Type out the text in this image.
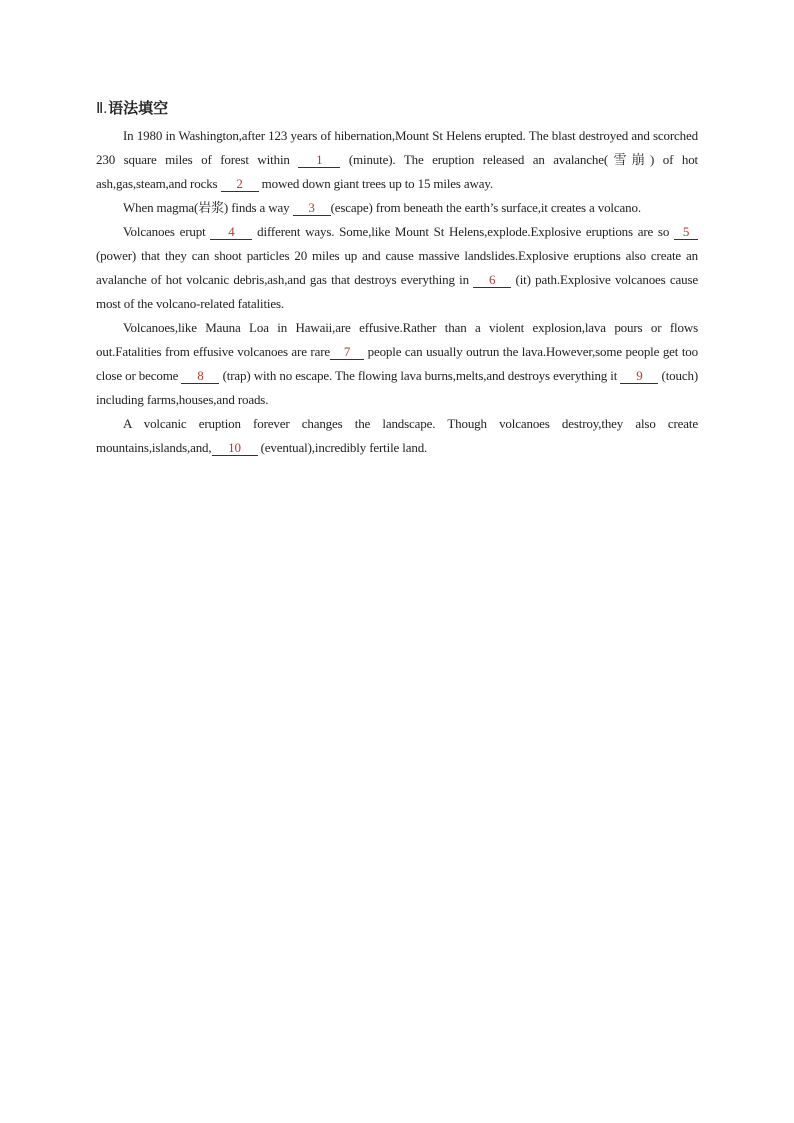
Ⅱ.语法填空

In 1980 in Washington,after 123 years of hibernation,Mount St Helens erupted. The blast destroyed and scorched 230 square miles of forest within 1 (minute). The eruption released an avalanche(雪崩) of hot ash,gas,steam,and rocks 2 mowed down giant trees up to 15 miles away.

When magma(岩浆) finds a way 3 (escape) from beneath the earth’s surface,it creates a volcano.

Volcanoes erupt 4 different ways. Some,like Mount St Helens,explode.Explosive eruptions are so 5 (power) that they can shoot particles 20 miles up and cause massive landslides.Explosive eruptions also create an avalanche of hot volcanic debris,ash,and gas that destroys everything in 6 (it) path.Explosive volcanoes cause most of the volcano-related fatalities.

Volcanoes,like Mauna Loa in Hawaii,are effusive.Rather than a violent explosion,lava pours or flows out.Fatalities from effusive volcanoes are rare 7 people can usually outrun the lava.However,some people get too close or become 8 (trap) with no escape. The flowing lava burns,melts,and destroys everything it 9 (touch) including farms,houses,and roads.

A volcanic eruption forever changes the landscape. Though volcanoes destroy,they also create mountains,islands,and, 10 (eventual),incredibly fertile land.
